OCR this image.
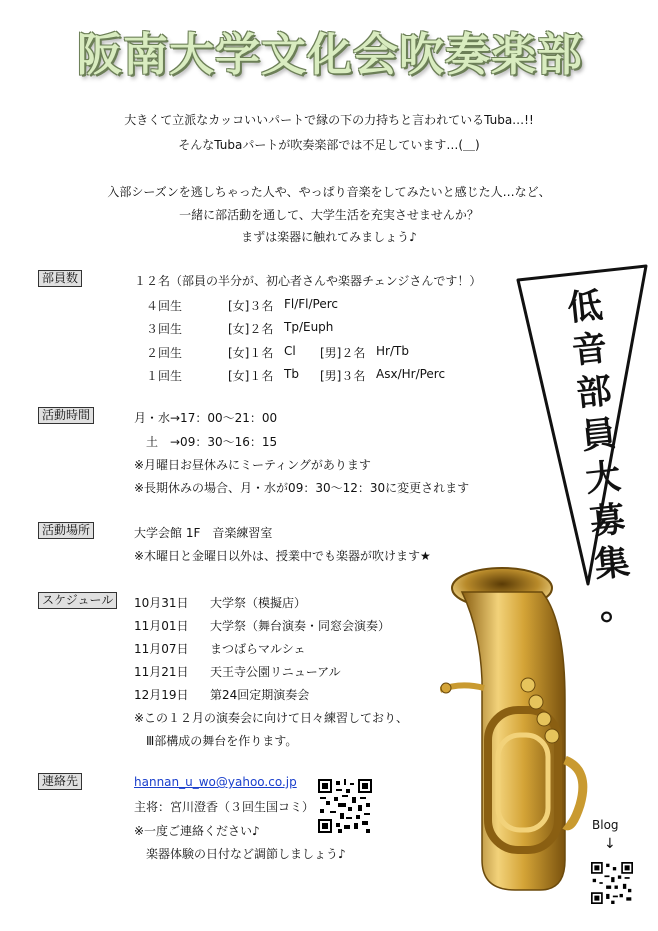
阪南大学文化会吹奏楽部
大きくて立派なカッコいいパートで縁の下の力持ちと言われているTuba…!!
そんなTubaパートが吹奏楽部では不足しています…(＿)
入部シーズンを逃しちゃった人や、やっぱり音楽をしてみたいと感じた人…など、
一緒に部活動を通して、大学生活を充実させませんか？
まずは楽器に触れてみましょう♪
部員数	１２名（部員の半分が、初心者さんや楽器チェンジさんです！）
４回生	[女]３名 Fl/Fl/Perc
３回生	[女]２名 Tp/Euph
２回生	[女]１名 Cl [男]２名 Hr/Tb
１回生	[女]１名 Tb [男]３名 Asx/Hr/Perc
活動時間	月・水→17：00～21：00
土　→09：30～16：15
※月曜日お昼休みにミーティングがあります
※長期休みの場合、月・水が09：30～12：30に変更されます
活動場所	大学会館 1F　音楽練習室
※木曜日と金曜日以外は、授業中でも楽器が吹けます★
スケジュール	10月31日 大学祭（模擬店）
11月01日 大学祭（舞台演奏・同窓会演奏）
11月07日 まつばらマルシェ
11月21日 天王寺公園リニューアル
12月19日 第24回定期演奏会
※この１２月の演奏会に向けて日々練習しており、
Ⅲ部構成の舞台を作ります。
連絡先	hannan_u_wo@yahoo.co.jp
主将：宮川澄香（３回生国コミ）
※一度ご連絡ください♪
楽器体験の日付など調節しましょう♪
Blog
↓
低
音
部
員
大
募
集
。
